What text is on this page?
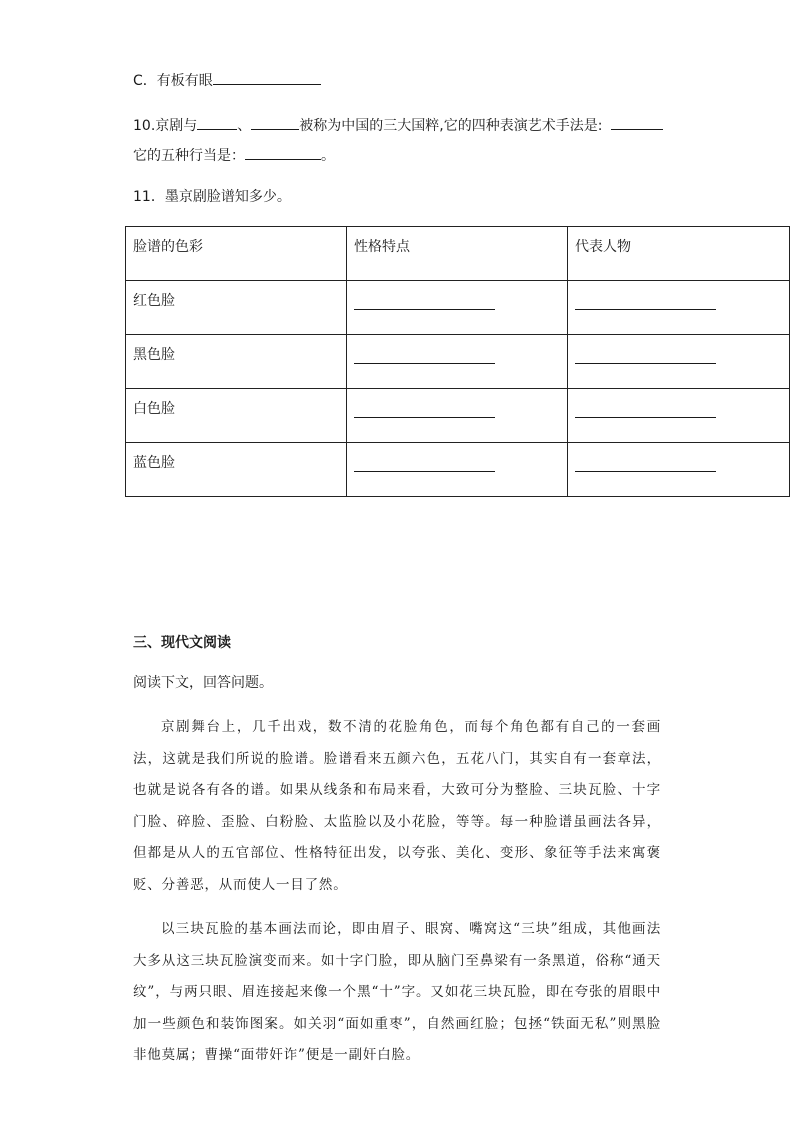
C．有板有眼
10.京剧与	、	被称为中国的三大国粹,它的四种表演艺术手法是:
它的五种行当是：	。
11．墨京剧脸谱知多少。
脸谱的色彩	性格特点	代表人物
红色脸	

黑色脸	

白色脸	

蓝色脸	

三、现代文阅读
阅读下文，回答问题。

京剧舞台上，几千出戏，数不清的花脸角色，而每个角色都有自己的一套画法，这就是我们所说的脸谱。脸谱看来五颜六色，五花八门，其实自有一套章法，也就是说各有各的谱。如果从线条和布局来看，大致可分为整脸、三块瓦脸、十字门脸、碎脸、歪脸、白粉脸、太监脸以及小花脸，等等。每一种脸谱虽画法各异，但都是从人的五官部位、性格特征出发，以夸张、美化、变形、象征等手法来寓褒贬、分善恶，从而使人一目了然。

以三块瓦脸的基本画法而论，即由眉子、眼窝、嘴窝这“三块”组成，其他画法大多从这三块瓦脸演变而来。如十字门脸，即从脑门至鼻梁有一条黑道，俗称“通天纹”，与两只眼、眉连接起来像一个黑“十”字。又如花三块瓦脸，即在夸张的眉眼中加一些颜色和装饰图案。如关羽“面如重枣”，自然画红脸；包拯“铁面无私”则黑脸非他莫属；曹操“面带奸诈”便是一副奸白脸。
